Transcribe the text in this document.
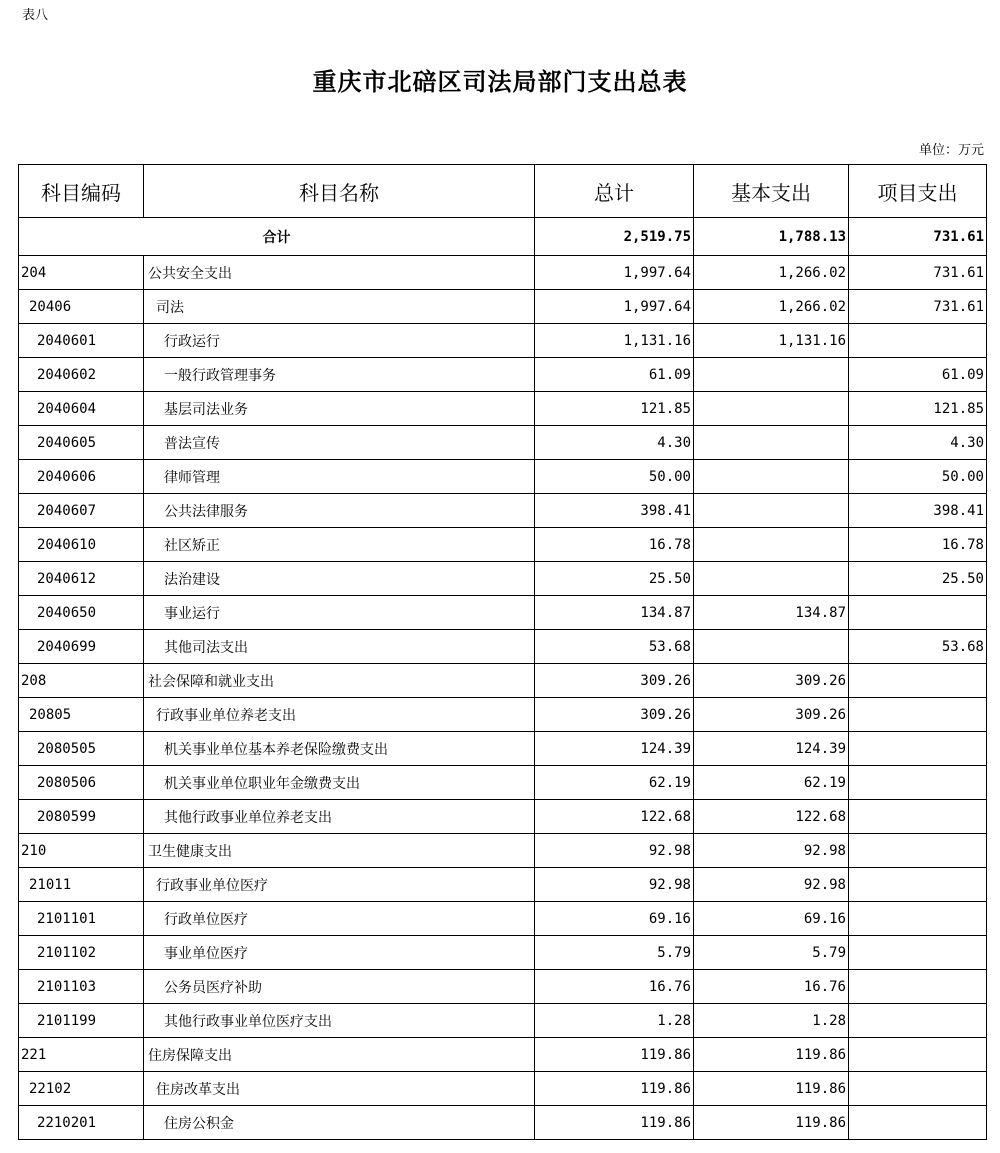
表八
重庆市北碚区司法局部门支出总表
单位：万元
科目编码	科目名称	总计	基本支出	项目支出
合计		2,519.75	1,788.13	731.61
204	公共安全支出	1,997.64	1,266.02	731.61
20406	司法	1,997.64	1,266.02	731.61
2040601	行政运行	1,131.16	1,131.16	
2040602	一般行政管理事务	61.09		61.09
2040604	基层司法业务	121.85		121.85
2040605	普法宣传	4.30		4.30
2040606	律师管理	50.00		50.00
2040607	公共法律服务	398.41		398.41
2040610	社区矫正	16.78		16.78
2040612	法治建设	25.50		25.50
2040650	事业运行	134.87	134.87	
2040699	其他司法支出	53.68		53.68
208	社会保障和就业支出	309.26	309.26	
20805	行政事业单位养老支出	309.26	309.26	
2080505	机关事业单位基本养老保险缴费支出	124.39	124.39	
2080506	机关事业单位职业年金缴费支出	62.19	62.19	
2080599	其他行政事业单位养老支出	122.68	122.68	
210	卫生健康支出	92.98	92.98	
21011	行政事业单位医疗	92.98	92.98	
2101101	行政单位医疗	69.16	69.16	
2101102	事业单位医疗	5.79	5.79	
2101103	公务员医疗补助	16.76	16.76	
2101199	其他行政事业单位医疗支出	1.28	1.28	
221	住房保障支出	119.86	119.86	
22102	住房改革支出	119.86	119.86	
2210201	住房公积金	119.86	119.86	
